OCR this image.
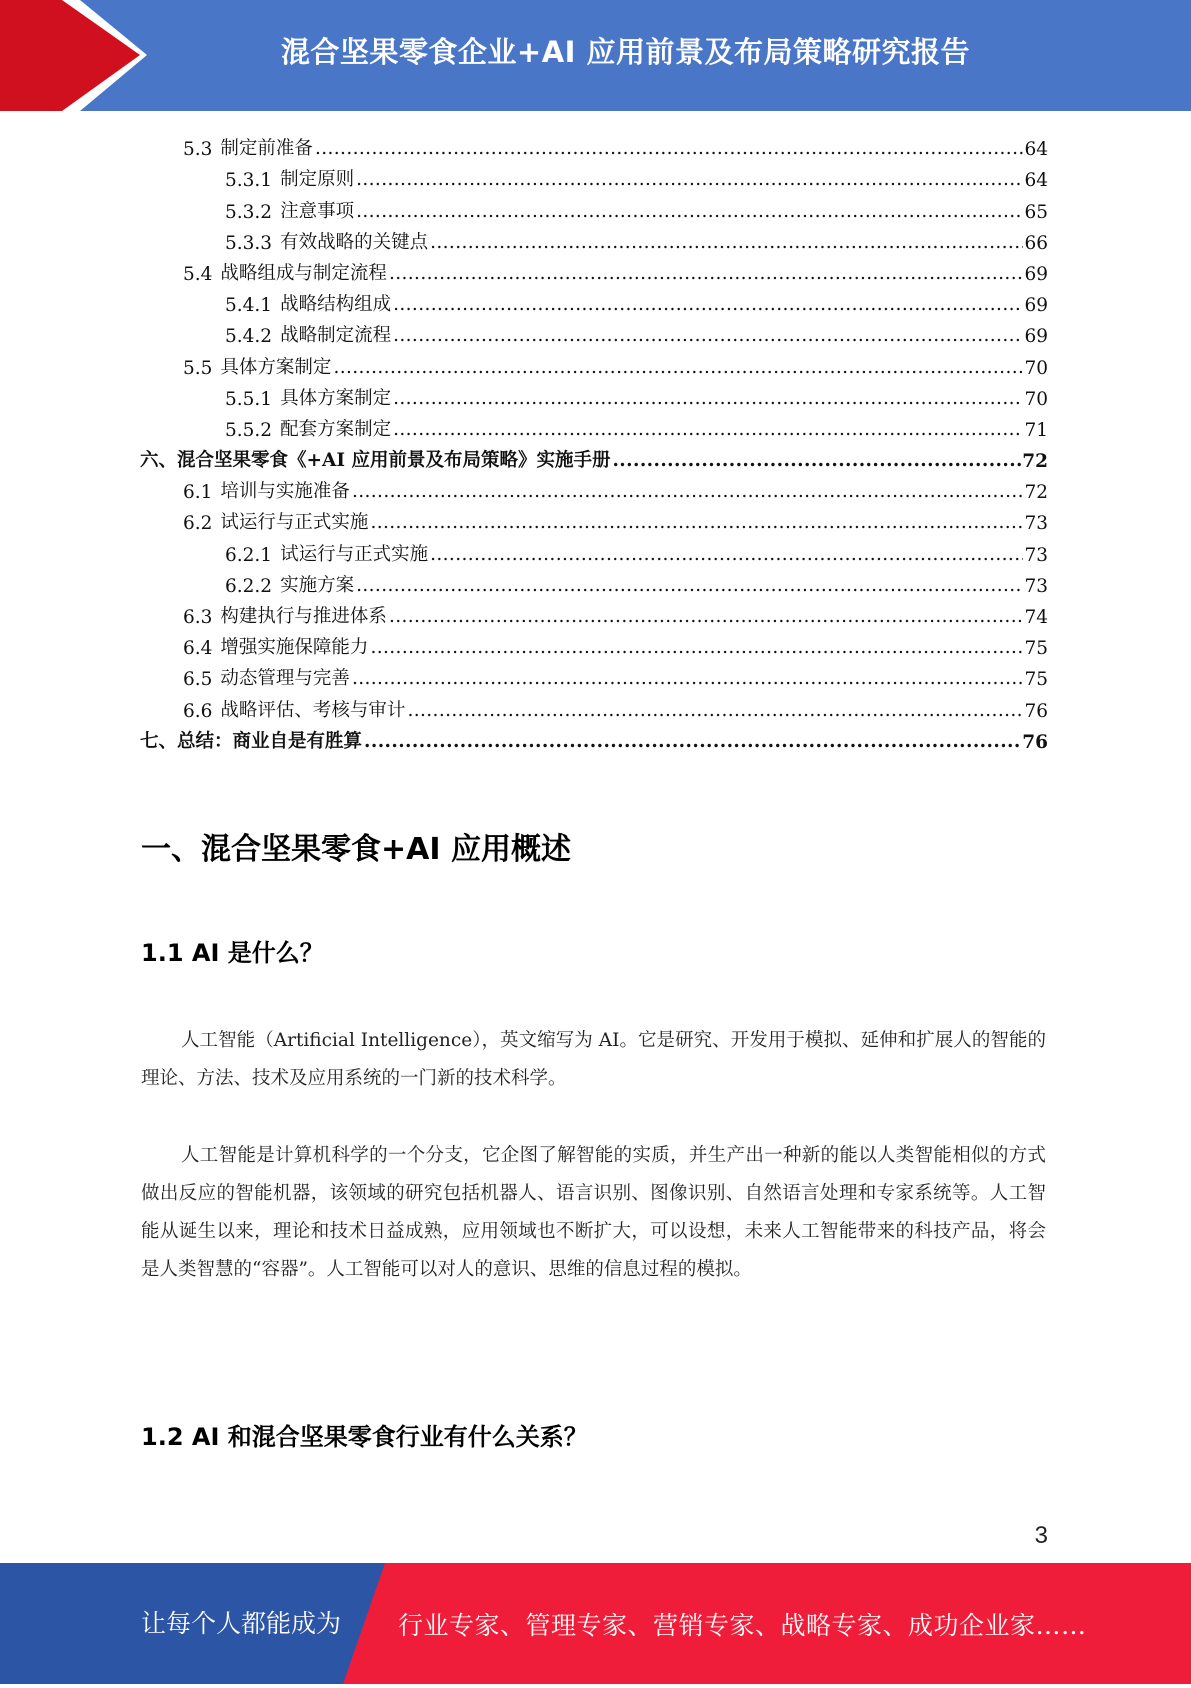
混合坚果零食企业+AI 应用前景及布局策略研究报告
5.3 制定前准备 .....	64
5.3.1 制定原则 .....	64
5.3.2 注意事项 .....	65
5.3.3 有效战略的关键点 .....	66
5.4 战略组成与制定流程 .....	69
5.4.1 战略结构组成 .....	69
5.4.2 战略制定流程 .....	69
5.5 具体方案制定 .....	70
5.5.1 具体方案制定 .....	70
5.5.2 配套方案制定 .....	71
六、混合坚果零食《+AI 应用前景及布局策略》实施手册 .....	72
6.1 培训与实施准备 .....	72
6.2 试运行与正式实施 .....	73
6.2.1 试运行与正式实施 .....	73
6.2.2 实施方案 .....	73
6.3 构建执行与推进体系 .....	74
6.4 增强实施保障能力 .....	75
6.5 动态管理与完善 .....	75
6.6 战略评估、考核与审计 .....	76
七、总结：商业自是有胜算 .....	76
一、混合坚果零食+AI 应用概述
1.1 AI 是什么？
人工智能（Artificial Intelligence），英文缩写为 AI。它是研究、开发用于模拟、延伸和扩展人的智能的理论、方法、技术及应用系统的一门新的技术科学。
人工智能是计算机科学的一个分支，它企图了解智能的实质，并生产出一种新的能以人类智能相似的方式做出反应的智能机器，该领域的研究包括机器人、语言识别、图像识别、自然语言处理和专家系统等。人工智能从诞生以来，理论和技术日益成熟，应用领域也不断扩大，可以设想，未来人工智能带来的科技产品，将会是人类智慧的“容器”。人工智能可以对人的意识、思维的信息过程的模拟。
1.2 AI 和混合坚果零食行业有什么关系？
3
让每个人都能成为 行业专家、管理专家、营销专家、战略专家、成功企业家……
